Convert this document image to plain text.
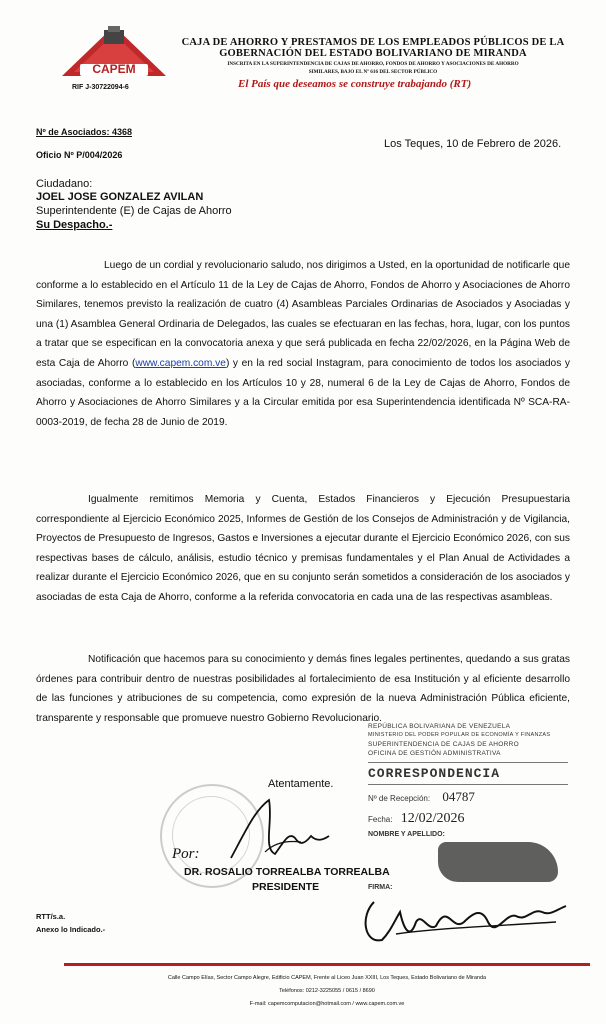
CAPEM
RIF J-30722094-6
CAJA DE AHORRO Y PRESTAMOS DE LOS EMPLEADOS PÚBLICOS DE LA
GOBERNACIÓN DEL ESTADO BOLIVARIANO DE MIRANDA
INSCRITA EN LA SUPERINTENDENCIA DE CAJAS DE AHORRO, FONDOS DE AHORRO Y ASOCIACIONES DE AHORRO
SIMILARES, BAJO EL Nº 616 DEL SECTOR PÚBLICO
El País que deseamos se construye trabajando (RT)
Nº de Asociados: 4368
Oficio Nº P/004/2026
Los Teques, 10 de Febrero de 2026.
Ciudadano:
JOEL JOSE GONZALEZ AVILAN
Superintendente (E) de Cajas de Ahorro
Su Despacho.-
Luego de un cordial y revolucionario saludo, nos dirigimos a Usted, en la oportunidad de notificarle que conforme a lo establecido en el Artículo 11 de la Ley de Cajas de Ahorro, Fondos de Ahorro y Asociaciones de Ahorro Similares, tenemos previsto la realización de cuatro (4) Asambleas Parciales Ordinarias de Asociados y Asociadas y una (1) Asamblea General Ordinaria de Delegados, las cuales se efectuaran en las fechas, hora, lugar, con los puntos a tratar que se especifican en la convocatoria anexa y que será publicada en fecha 22/02/2026, en la Página Web de esta Caja de Ahorro (www.capem.com.ve) y en la red social Instagram, para conocimiento de todos los asociados y asociadas, conforme a lo establecido en los Artículos 10 y 28, numeral 6 de la Ley de Cajas de Ahorro, Fondos de Ahorro y Asociaciones de Ahorro Similares y a la Circular emitida por esa Superintendencia identificada Nº SCA-RA-0003-2019, de fecha 28 de Junio de 2019.
Igualmente remitimos Memoria y Cuenta, Estados Financieros y Ejecución Presupuestaria correspondiente al Ejercicio Económico 2025, Informes de Gestión de los Consejos de Administración y de Vigilancia, Proyectos de Presupuesto de Ingresos, Gastos e Inversiones a ejecutar durante el Ejercicio Económico 2026, con sus respectivas bases de cálculo, análisis, estudio técnico y premisas fundamentales y el Plan Anual de Actividades a realizar durante el Ejercicio Económico 2026, que en su conjunto serán sometidos a consideración de los asociados y asociadas de esta Caja de Ahorro, conforme a la referida convocatoria en cada una de las respectivas asambleas.
Notificación que hacemos para su conocimiento y demás fines legales pertinentes, quedando a sus gratas órdenes para contribuir dentro de nuestras posibilidades al fortalecimiento de esa Institución y al eficiente desarrollo de las funciones y atribuciones de su competencia, como expresión de la nueva Administración Pública eficiente, transparente y responsable que promueve nuestro Gobierno Revolucionario.
Atentamente.
Por:
DR. ROSALIO TORREALBA TORREALBA
PRESIDENTE
RTT/s.a.
Anexo lo Indicado.-
REPÚBLICA BOLIVARIANA DE VENEZUELA
MINISTERIO DEL PODER POPULAR DE ECONOMÍA Y FINANZAS
SUPERINTENDENCIA DE CAJAS DE AHORRO
OFICINA DE GESTIÓN ADMINISTRATIVA
CORRESPONDENCIA
Nº de Recepción: 04787
Fecha: 12/02/2026
NOMBRE Y APELLIDO:
FIRMA:
Calle Campo Elías, Sector Campo Alegre, Edificio CAPEM, Frente al Liceo Juan XXIII, Los Teques, Estado Bolivariano de Miranda
Teléfonos: 0212-3225055 / 0615 / 8690
F-mail: capemcomputacion@hotmail.com / www.capem.com.ve
